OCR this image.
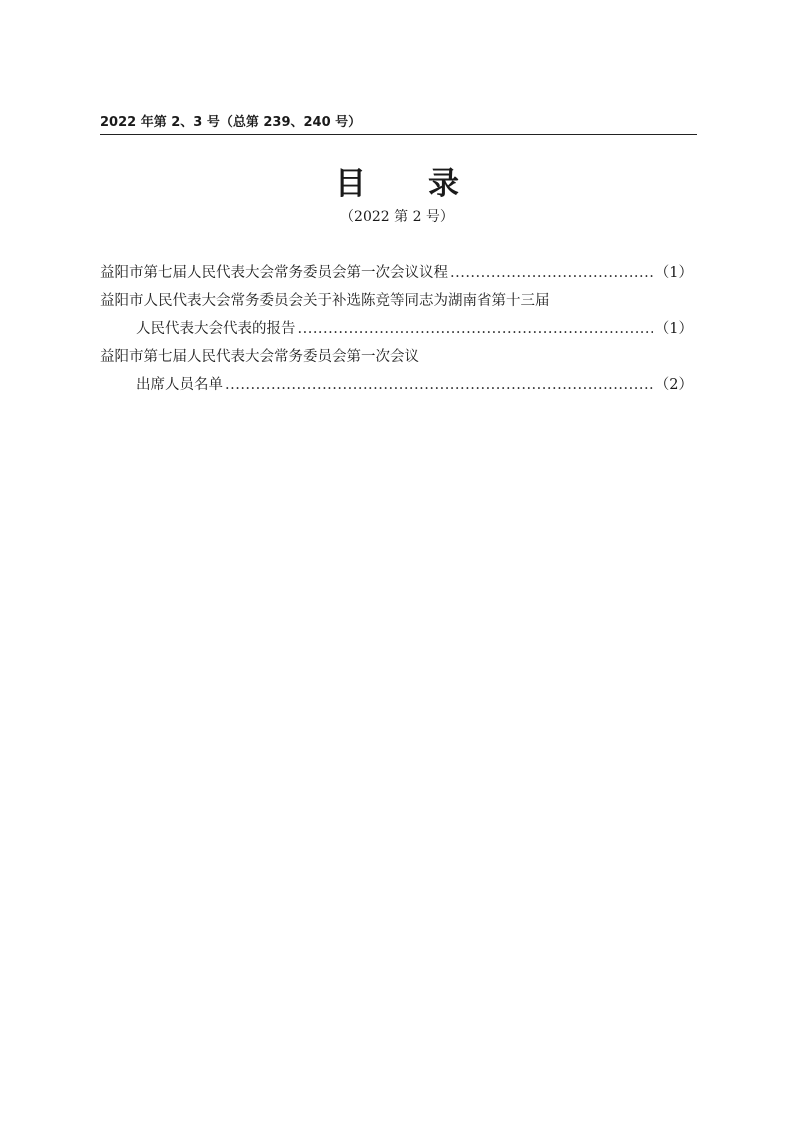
2022 年第 2、3 号（总第 239、240 号）
目录
（2022 第 2 号）
益阳市第七届人民代表大会常务委员会第一次会议议程 .....	（1）
益阳市人民代表大会常务委员会关于补选陈竞等同志为湖南省第十三届
人民代表大会代表的报告 .....	（1）
益阳市第七届人民代表大会常务委员会第一次会议
出席人员名单 .....	（2）
